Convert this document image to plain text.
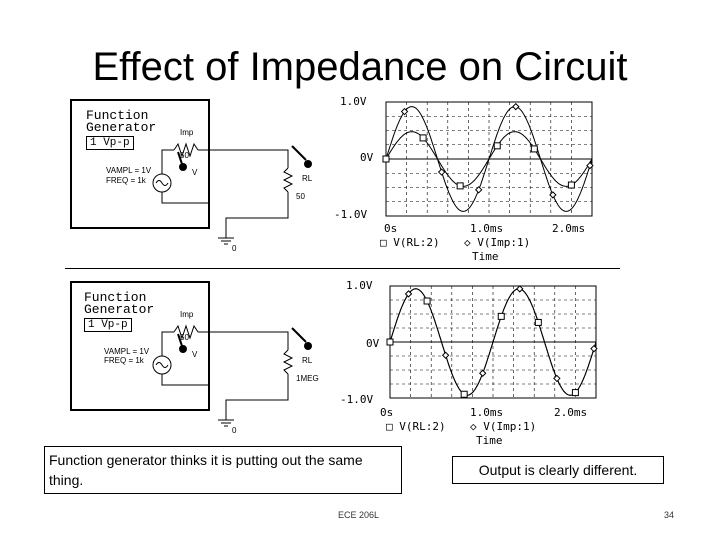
Effect of Impedance on Circuit
Function
Generator
1 Vp-p
Imp
50
VAMPL = 1V
FREQ = 1k
V
RL
50
0
1.0V
0V
-1.0V
0s	1.0ms	2.0ms
□ V(RL:2) ◇ V(Imp:1)
Time
Function
Generator
1 Vp-p
Imp
50
VAMPL = 1V
FREQ = 1k
V
RL
1MEG
0
1.0V
0V
-1.0V
0s	1.0ms	2.0ms
□ V(RL:2) ◇ V(Imp:1)
Time
Function generator thinks it is putting out the same thing.
Output is clearly different.
ECE 206L	34
